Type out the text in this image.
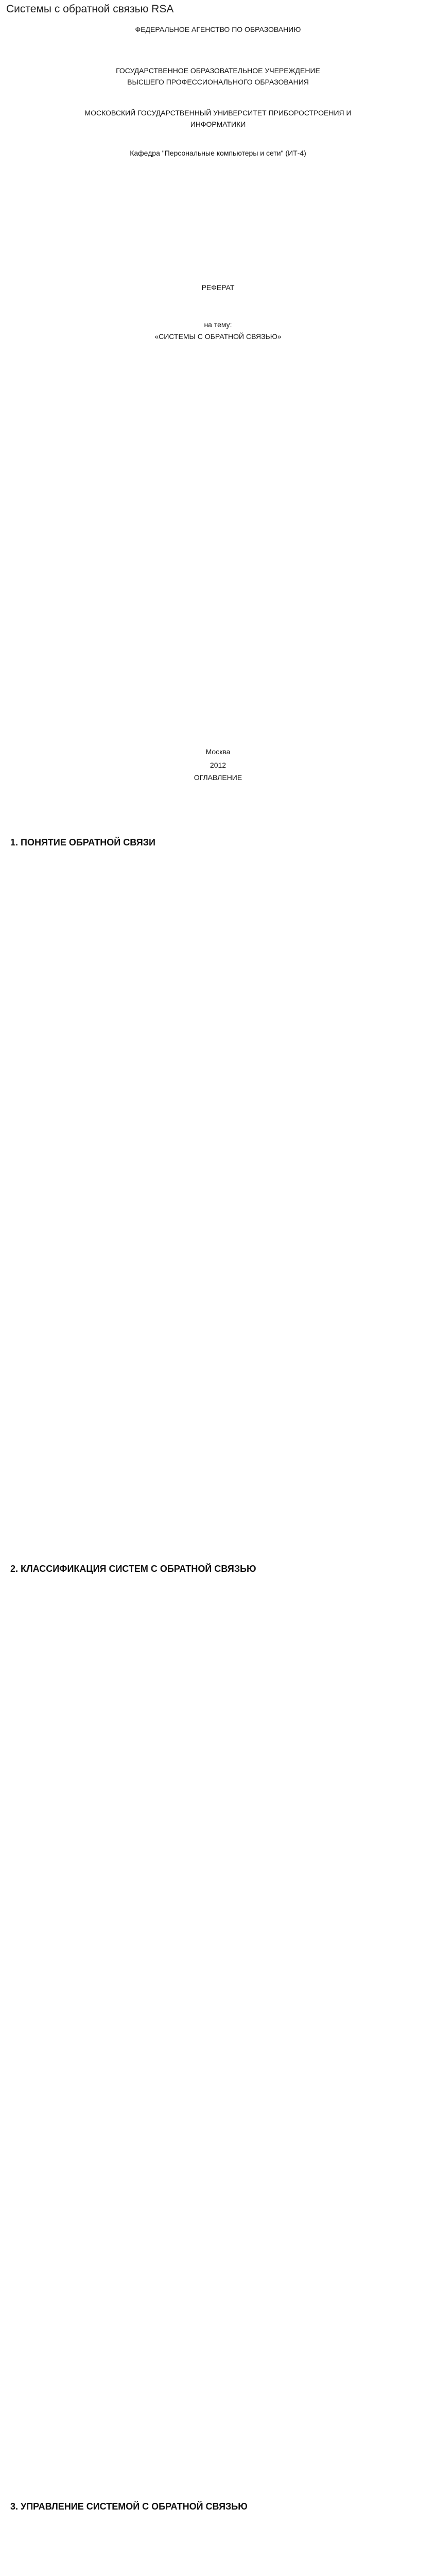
Системы с обратной связью RSA

ФЕДЕРАЛЬНОЕ АГЕНСТВО ПО ОБРАЗОВАНИЮ

ГОСУДАРСТВЕННОЕ ОБРАЗОВАТЕЛЬНОЕ УЧЕРЕЖДЕНИЕ

ВЫСШЕГО ПРОФЕССИОНАЛЬНОГО ОБРАЗОВАНИЯ

МОСКОВСКИЙ ГОСУДАРСТВЕННЫЙ УНИВЕРСИТЕТ ПРИБОРОСТРОЕНИЯ И

ИНФОРМАТИКИ

Кафедра "Персональные компьютеры и сети" (ИТ-4)

РЕФЕРАТ

на тему:

«СИСТЕМЫ С ОБРАТНОЙ СВЯЗЬЮ»

Москва

2012

ОГЛАВЛЕНИЕ

1. ПОНЯТИЕ ОБРАТНОЙ СВЯЗИ
2. КЛАССИФИКАЦИЯ СИСТЕМ С ОБРАТНОЙ СВЯЗЬЮ
3. УПРАВЛЕНИЕ СИСТЕМОЙ С ОБРАТНОЙ СВЯЗЬЮ
